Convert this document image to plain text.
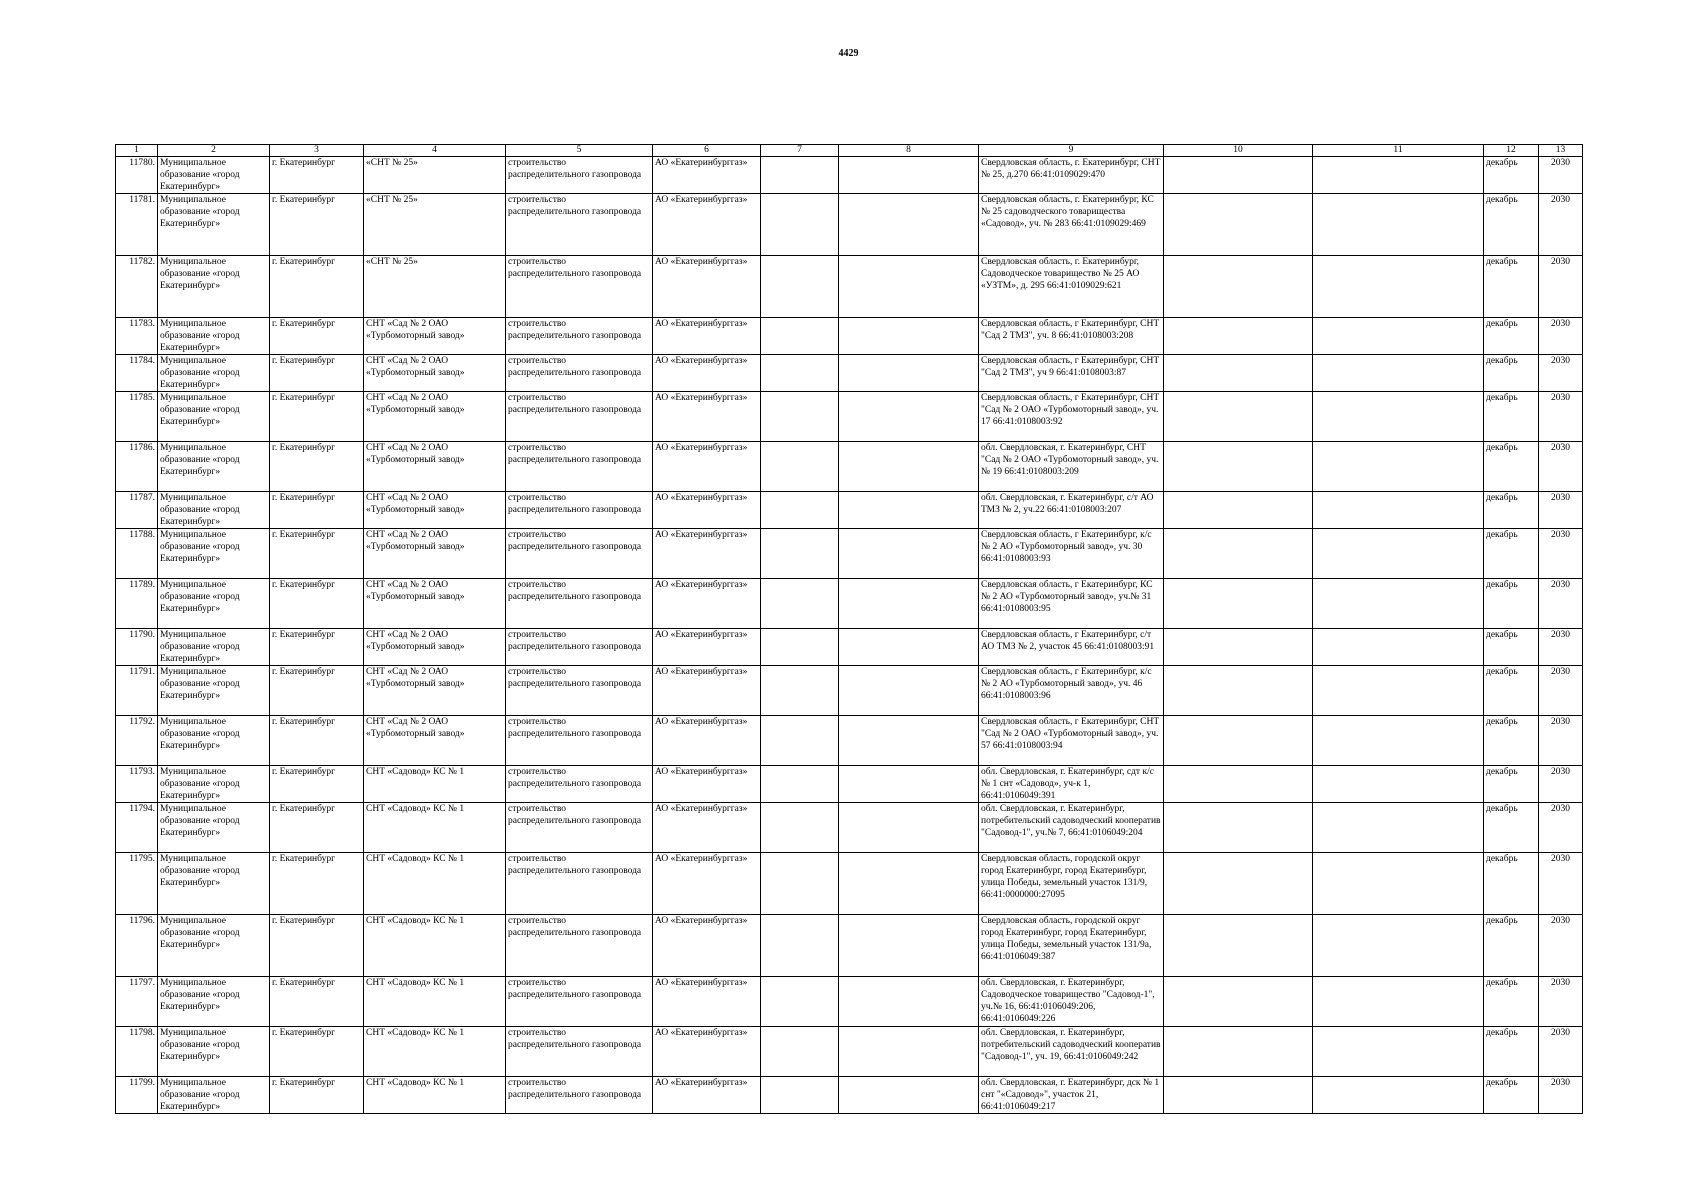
4429
1	2	3	4	5	6	7	8	9	10	11	12	13
11780.	Муниципальное образование «город Екатеринбург»	г. Екатеринбург	«СНТ № 25»	строительство распределительного газопровода	АО «Екатеринбурггаз»			Свердловская область, г. Екатеринбург, СНТ № 25, д.270 66:41:0109029:470			декабрь	2030
11781.	Муниципальное образование «город Екатеринбург»	г. Екатеринбург	«СНТ № 25»	строительство распределительного газопровода	АО «Екатеринбурггаз»			Свердловская область, г. Екатеринбург, КС № 25 садоводческого товарищества «Садовод», уч. № 283 66:41:0109029:469			декабрь	2030
11782.	Муниципальное образование «город Екатеринбург»	г. Екатеринбург	«СНТ № 25»	строительство распределительного газопровода	АО «Екатеринбурггаз»			Свердловская область, г. Екатеринбург, Садоводческое товарищество № 25 АО «УЗТМ», д. 295 66:41:0109029:621			декабрь	2030
11783.	Муниципальное образование «город Екатеринбург»	г. Екатеринбург	СНТ «Сад № 2 ОАО «Турбомоторный завод»	строительство распределительного газопровода	АО «Екатеринбурггаз»			Свердловская область, г Екатеринбург, СНТ "Сад 2 ТМЗ", уч. 8 66:41:0108003:208			декабрь	2030
11784.	Муниципальное образование «город Екатеринбург»	г. Екатеринбург	СНТ «Сад № 2 ОАО «Турбомоторный завод»	строительство распределительного газопровода	АО «Екатеринбурггаз»			Свердловская область, г Екатеринбург, СНТ "Сад 2 ТМЗ", уч 9 66:41:0108003:87			декабрь	2030
11785.	Муниципальное образование «город Екатеринбург»	г. Екатеринбург	СНТ «Сад № 2 ОАО «Турбомоторный завод»	строительство распределительного газопровода	АО «Екатеринбурггаз»			Свердловская область, г Екатеринбург, СНТ "Сад № 2 ОАО «Турбомоторный завод», уч. 17 66:41:0108003:92			декабрь	2030
11786.	Муниципальное образование «город Екатеринбург»	г. Екатеринбург	СНТ «Сад № 2 ОАО «Турбомоторный завод»	строительство распределительного газопровода	АО «Екатеринбурггаз»			обл. Свердловская, г. Екатеринбург, СНТ "Сад № 2 ОАО «Турбомоторный завод», уч. № 19 66:41:0108003:209			декабрь	2030
11787.	Муниципальное образование «город Екатеринбург»	г. Екатеринбург	СНТ «Сад № 2 ОАО «Турбомоторный завод»	строительство распределительного газопровода	АО «Екатеринбурггаз»			обл. Свердловская, г. Екатеринбург, с/т АО ТМЗ № 2, уч.22 66:41:0108003:207			декабрь	2030
11788.	Муниципальное образование «город Екатеринбург»	г. Екатеринбург	СНТ «Сад № 2 ОАО «Турбомоторный завод»	строительство распределительного газопровода	АО «Екатеринбурггаз»			Свердловская область, г Екатеринбург, к/с № 2 АО «Турбомоторный завод», уч. 30 66:41:0108003:93			декабрь	2030
11789.	Муниципальное образование «город Екатеринбург»	г. Екатеринбург	СНТ «Сад № 2 ОАО «Турбомоторный завод»	строительство распределительного газопровода	АО «Екатеринбурггаз»			Свердловская область, г Екатеринбург, КС № 2 АО «Турбомоторный завод», уч.№ 31 66:41:0108003:95			декабрь	2030
11790.	Муниципальное образование «город Екатеринбург»	г. Екатеринбург	СНТ «Сад № 2 ОАО «Турбомоторный завод»	строительство распределительного газопровода	АО «Екатеринбурггаз»			Свердловская область, г Екатеринбург, с/т АО ТМЗ № 2, участок 45 66:41:0108003:91			декабрь	2030
11791.	Муниципальное образование «город Екатеринбург»	г. Екатеринбург	СНТ «Сад № 2 ОАО «Турбомоторный завод»	строительство распределительного газопровода	АО «Екатеринбурггаз»			Свердловская область, г Екатеринбург, к/с № 2 АО «Турбомоторный завод», уч. 46 66:41:0108003:96			декабрь	2030
11792.	Муниципальное образование «город Екатеринбург»	г. Екатеринбург	СНТ «Сад № 2 ОАО «Турбомоторный завод»	строительство распределительного газопровода	АО «Екатеринбурггаз»			Свердловская область, г Екатеринбург, СНТ "Сад № 2 ОАО «Турбомоторный завод», уч. 57 66:41:0108003:94			декабрь	2030
11793.	Муниципальное образование «город Екатеринбург»	г. Екатеринбург	СНТ «Садовод» КС № 1	строительство распределительного газопровода	АО «Екатеринбурггаз»			обл. Свердловская, г. Екатеринбург, сдт к/с № 1 снт «Садовод», уч-к 1, 66:41:0106049:391			декабрь	2030
11794.	Муниципальное образование «город Екатеринбург»	г. Екатеринбург	СНТ «Садовод» КС № 1	строительство распределительного газопровода	АО «Екатеринбурггаз»			обл. Свердловская, г. Екатеринбург, потребительский садоводческий кооператив "Садовод-1", уч.№ 7, 66:41:0106049:204			декабрь	2030
11795.	Муниципальное образование «город Екатеринбург»	г. Екатеринбург	СНТ «Садовод» КС № 1	строительство распределительного газопровода	АО «Екатеринбурггаз»			Свердловская область, городской округ город Екатеринбург, город Екатеринбург, улица Победы, земельный участок 131/9, 66:41:0000000:27095			декабрь	2030
11796.	Муниципальное образование «город Екатеринбург»	г. Екатеринбург	СНТ «Садовод» КС № 1	строительство распределительного газопровода	АО «Екатеринбурггаз»			Свердловская область, городской округ город Екатеринбург, город Екатеринбург, улица Победы, земельный участок 131/9а, 66:41:0106049:387			декабрь	2030
11797.	Муниципальное образование «город Екатеринбург»	г. Екатеринбург	СНТ «Садовод» КС № 1	строительство распределительного газопровода	АО «Екатеринбурггаз»			обл. Свердловская, г. Екатеринбург, Садоводческое товарищество "Садовод-1", уч.№ 16, 66:41:0106049:206, 66:41:0106049:226			декабрь	2030
11798.	Муниципальное образование «город Екатеринбург»	г. Екатеринбург	СНТ «Садовод» КС № 1	строительство распределительного газопровода	АО «Екатеринбурггаз»			обл. Свердловская, г. Екатеринбург, потребительский садоводческий кооператив "Садовод-1", уч. 19, 66:41:0106049:242			декабрь	2030
11799.	Муниципальное образование «город Екатеринбург»	г. Екатеринбург	СНТ «Садовод» КС № 1	строительство распределительного газопровода	АО «Екатеринбурггаз»			обл. Свердловская, г. Екатеринбург, дск № 1 снт "«Садовод»", участок 21, 66:41:0106049:217			декабрь	2030
